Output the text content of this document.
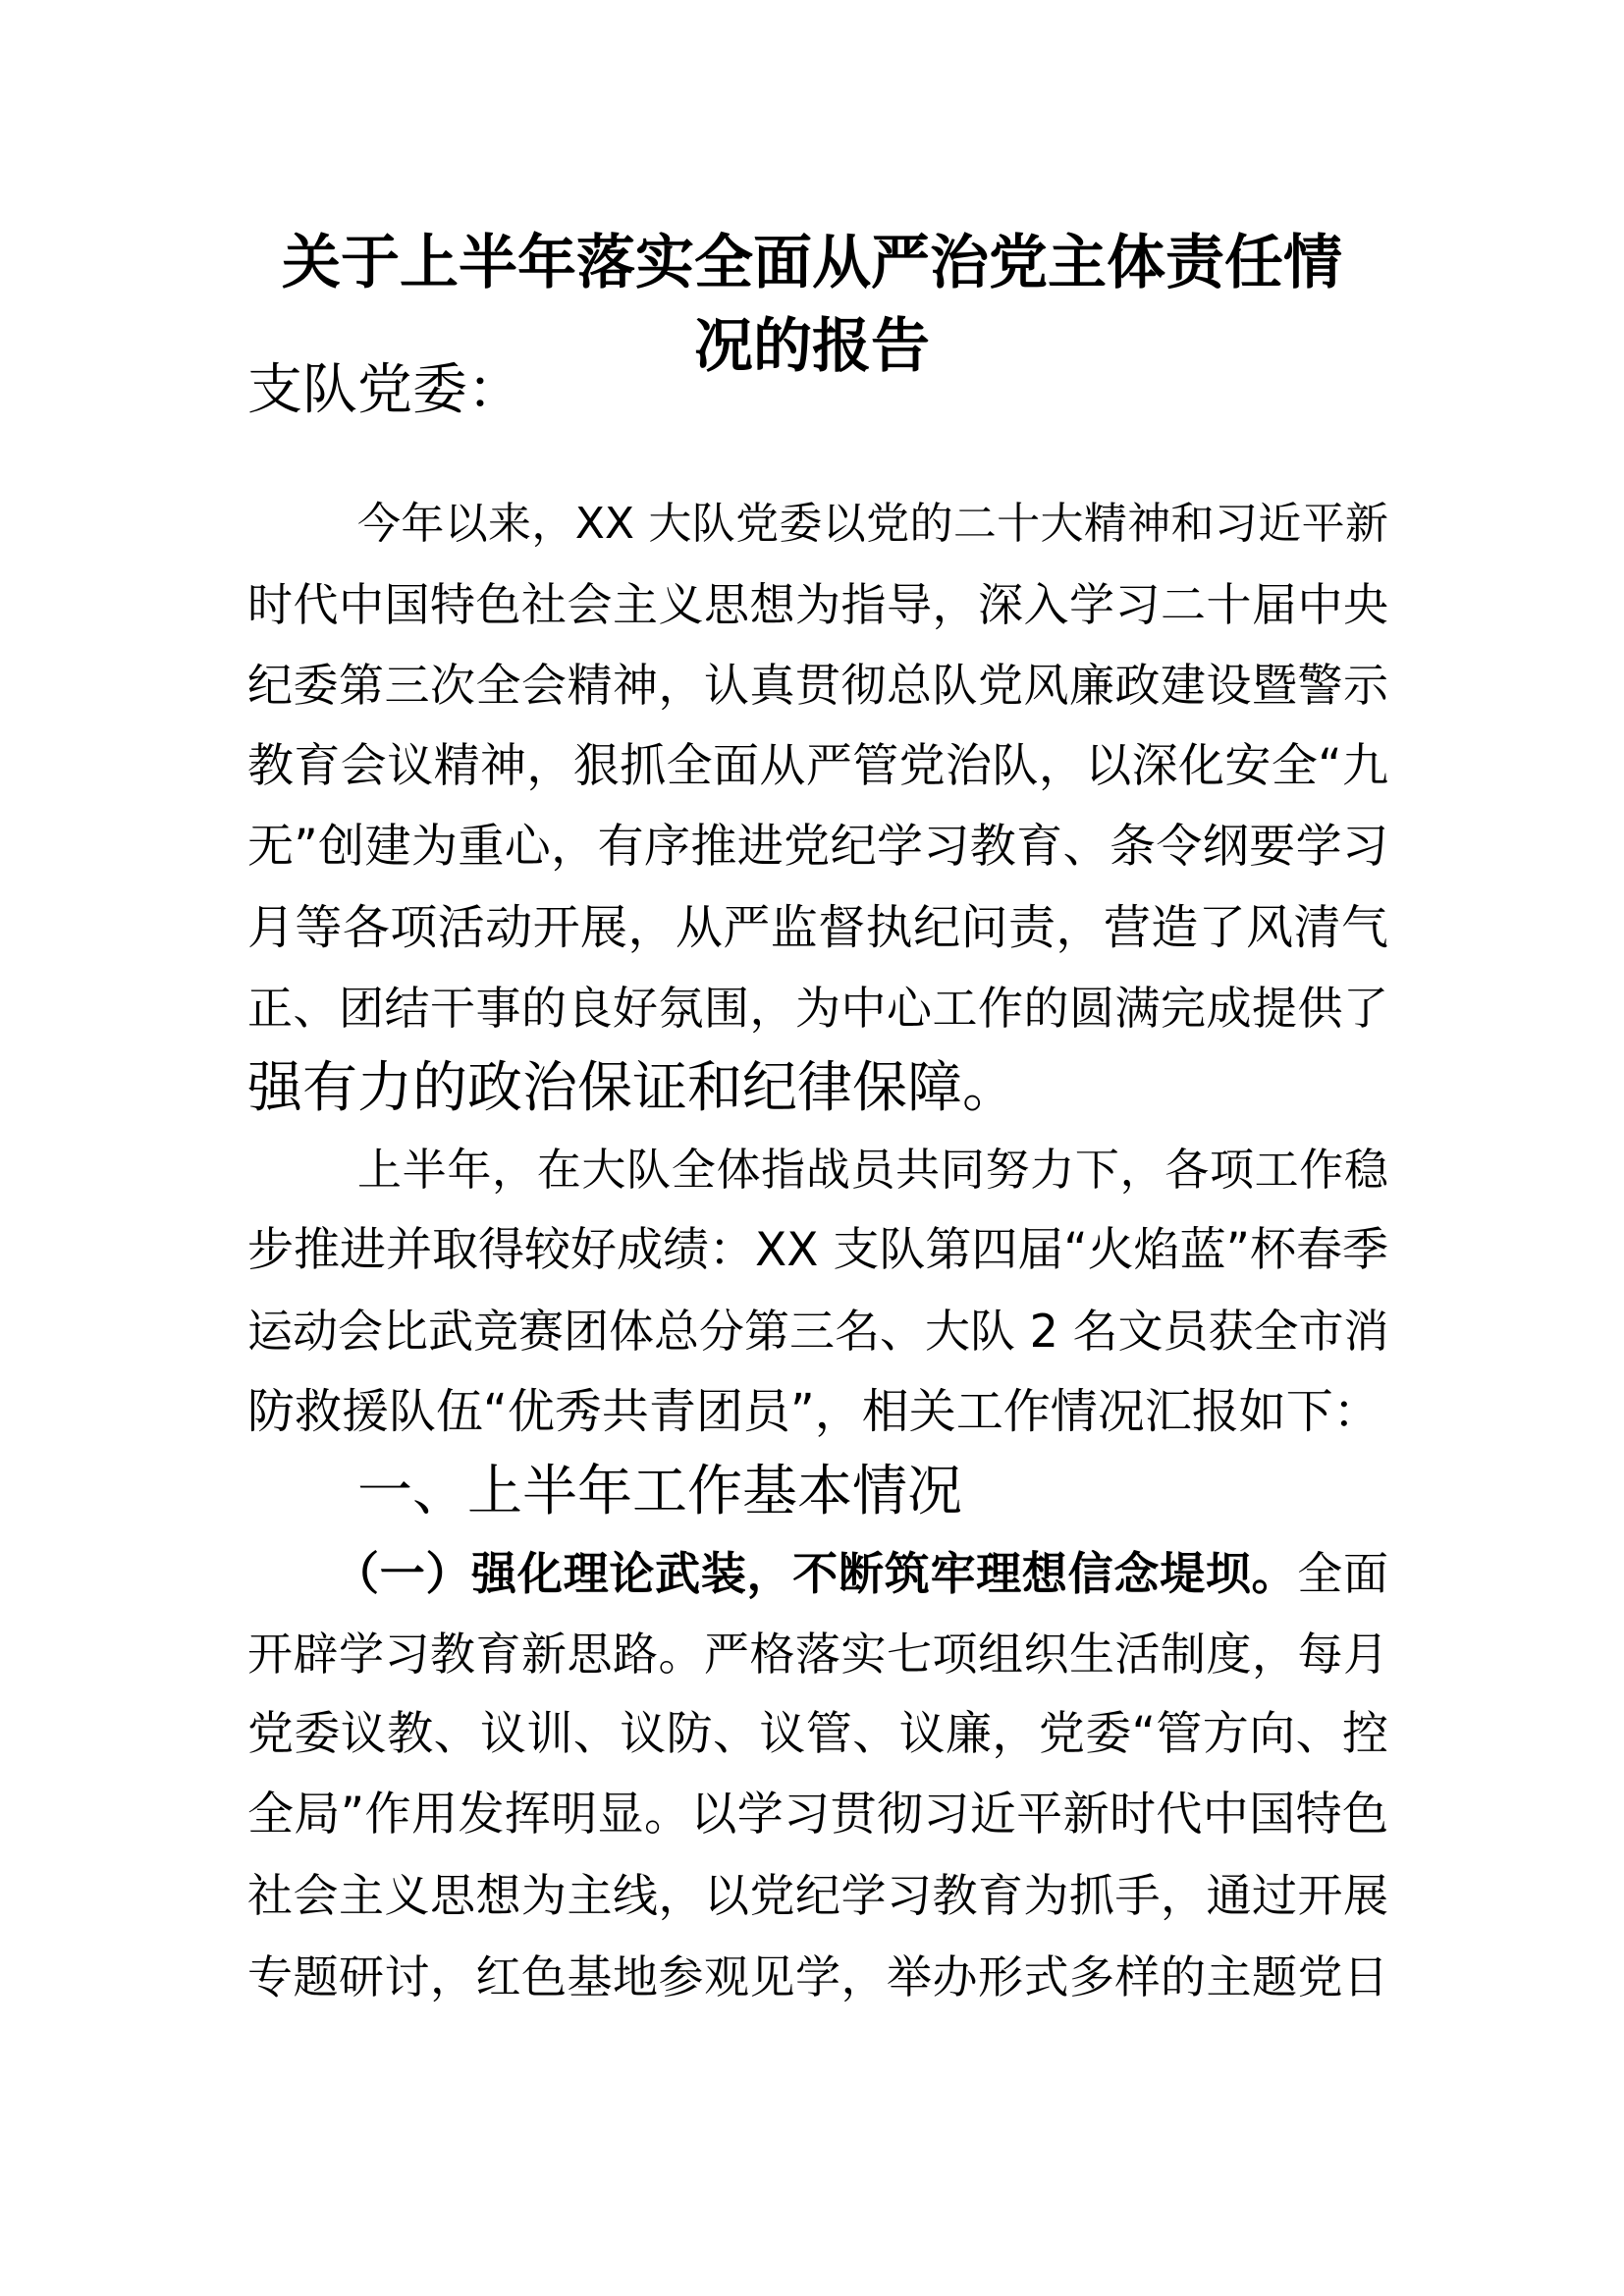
关于上半年落实全面从严治党主体责任情
况的报告
支队党委：
今年以来，XX 大队党委以党的二十大精神和习近平新
时代中国特色社会主义思想为指导，深入学习二十届中央
纪委第三次全会精神，认真贯彻总队党风廉政建设暨警示
教育会议精神，狠抓全面从严管党治队，以深化安全“九
无”创建为重心，有序推进党纪学习教育、条令纲要学习
月等各项活动开展，从严监督执纪问责，营造了风清气
正、团结干事的良好氛围，为中心工作的圆满完成提供了
强有力的政治保证和纪律保障。
上半年，在大队全体指战员共同努力下，各项工作稳
步推进并取得较好成绩：XX 支队第四届“火焰蓝”杯春季
运动会比武竞赛团体总分第三名、大队 2 名文员获全市消
防救援队伍“优秀共青团员”，相关工作情况汇报如下：
一、上半年工作基本情况
（一）强化理论武装，不断筑牢理想信念堤坝。全面
开辟学习教育新思路。严格落实七项组织生活制度，每月
党委议教、议训、议防、议管、议廉，党委“管方向、控
全局”作用发挥明显。以学习贯彻习近平新时代中国特色
社会主义思想为主线，以党纪学习教育为抓手，通过开展
专题研讨，红色基地参观见学，举办形式多样的主题党日
